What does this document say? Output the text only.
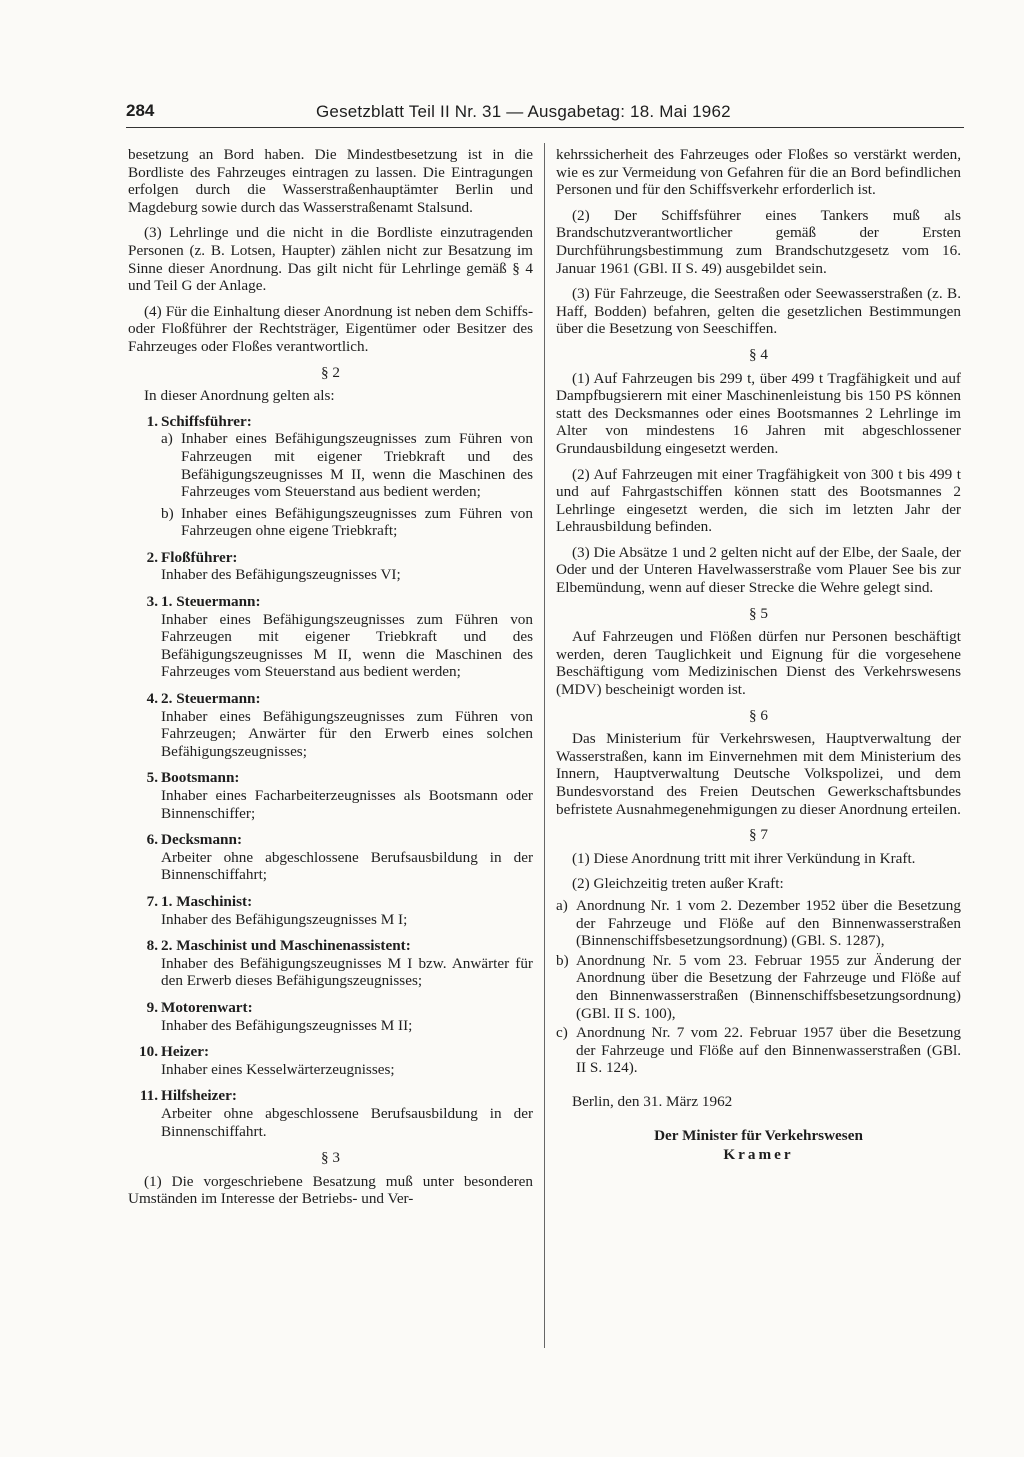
284	Gesetzblatt Teil II Nr. 31 — Ausgabetag: 18. Mai 1962

besetzung an Bord haben. Die Mindestbesetzung ist in die Bordliste des Fahrzeuges eintragen zu lassen. Die Eintragungen erfolgen durch die Wasserstraßenhauptämter Berlin und Magdeburg sowie durch das Wasserstraßenamt Stalsund.

(3) Lehrlinge und die nicht in die Bordliste einzutragenden Personen (z. B. Lotsen, Haupter) zählen nicht zur Besatzung im Sinne dieser Anordnung. Das gilt nicht für Lehrlinge gemäß § 4 und Teil G der Anlage.

(4) Für die Einhaltung dieser Anordnung ist neben dem Schiffs- oder Floßführer der Rechtsträger, Eigentümer oder Besitzer des Fahrzeuges oder Floßes verantwortlich.

§ 2

In dieser Anordnung gelten als:

1. Schiffsführer:
a) Inhaber eines Befähigungszeugnisses zum Führen von Fahrzeugen mit eigener Triebkraft und des Befähigungszeugnisses M II, wenn die Maschinen des Fahrzeuges vom Steuerstand aus bedient werden;
b) Inhaber eines Befähigungszeugnisses zum Führen von Fahrzeugen ohne eigene Triebkraft;
2. Floßführer:
Inhaber des Befähigungszeugnisses VI;
3. 1. Steuermann:
Inhaber eines Befähigungszeugnisses zum Führen von Fahrzeugen mit eigener Triebkraft und des Befähigungszeugnisses M II, wenn die Maschinen des Fahrzeuges vom Steuerstand aus bedient werden;
4. 2. Steuermann:
Inhaber eines Befähigungszeugnisses zum Führen von Fahrzeugen; Anwärter für den Erwerb eines solchen Befähigungszeugnisses;
5. Bootsmann:
Inhaber eines Facharbeiterzeugnisses als Bootsmann oder Binnenschiffer;
6. Decksmann:
Arbeiter ohne abgeschlossene Berufsausbildung in der Binnenschiffahrt;
7. 1. Maschinist:
Inhaber des Befähigungszeugnisses M I;
8. 2. Maschinist und Maschinenassistent:
Inhaber des Befähigungszeugnisses M I bzw. Anwärter für den Erwerb dieses Befähigungszeugnisses;
9. Motorenwart:
Inhaber des Befähigungszeugnisses M II;
10. Heizer:
Inhaber eines Kesselwärterzeugnisses;
11. Hilfsheizer:
Arbeiter ohne abgeschlossene Berufsausbildung in der Binnenschiffahrt.
§ 3

(1) Die vorgeschriebene Besatzung muß unter besonderen Umständen im Interesse der Betriebs- und Ver-

kehrssicherheit des Fahrzeuges oder Floßes so verstärkt werden, wie es zur Vermeidung von Gefahren für die an Bord befindlichen Personen und für den Schiffsverkehr erforderlich ist.

(2) Der Schiffsführer eines Tankers muß als Brandschutzverantwortlicher gemäß der Ersten Durchführungsbestimmung zum Brandschutzgesetz vom 16. Januar 1961 (GBl. II S. 49) ausgebildet sein.

(3) Für Fahrzeuge, die Seestraßen oder Seewasserstraßen (z. B. Haff, Bodden) befahren, gelten die gesetzlichen Bestimmungen über die Besetzung von Seeschiffen.

§ 4

(1) Auf Fahrzeugen bis 299 t, über 499 t Tragfähigkeit und auf Dampfbugsierern mit einer Maschinenleistung bis 150 PS können statt des Decksmannes oder eines Bootsmannes 2 Lehrlinge im Alter von mindestens 16 Jahren mit abgeschlossener Grundausbildung eingesetzt werden.

(2) Auf Fahrzeugen mit einer Tragfähigkeit von 300 t bis 499 t und auf Fahrgastschiffen können statt des Bootsmannes 2 Lehrlinge eingesetzt werden, die sich im letzten Jahr der Lehrausbildung befinden.

(3) Die Absätze 1 und 2 gelten nicht auf der Elbe, der Saale, der Oder und der Unteren Havelwasserstraße vom Plauer See bis zur Elbemündung, wenn auf dieser Strecke die Wehre gelegt sind.

§ 5

Auf Fahrzeugen und Flößen dürfen nur Personen beschäftigt werden, deren Tauglichkeit und Eignung für die vorgesehene Beschäftigung vom Medizinischen Dienst des Verkehrswesens (MDV) bescheinigt worden ist.

§ 6

Das Ministerium für Verkehrswesen, Hauptverwaltung der Wasserstraßen, kann im Einvernehmen mit dem Ministerium des Innern, Hauptverwaltung Deutsche Volkspolizei, und dem Bundesvorstand des Freien Deutschen Gewerkschaftsbundes befristete Ausnahmegenehmigungen zu dieser Anordnung erteilen.

§ 7

(1) Diese Anordnung tritt mit ihrer Verkündung in Kraft.

(2) Gleichzeitig treten außer Kraft:

a) Anordnung Nr. 1 vom 2. Dezember 1952 über die Besetzung der Fahrzeuge und Flöße auf den Binnenwasserstraßen (Binnenschiffsbesetzungsordnung) (GBl. S. 1287),
b) Anordnung Nr. 5 vom 23. Februar 1955 zur Änderung der Anordnung über die Besetzung der Fahrzeuge und Flöße auf den Binnenwasserstraßen (Binnenschiffsbesetzungsordnung) (GBl. II S. 100),
c) Anordnung Nr. 7 vom 22. Februar 1957 über die Besetzung der Fahrzeuge und Flöße auf den Binnenwasserstraßen (GBl. II S. 124).

Berlin, den 31. März 1962

Der Minister für Verkehrswesen
Kramer
